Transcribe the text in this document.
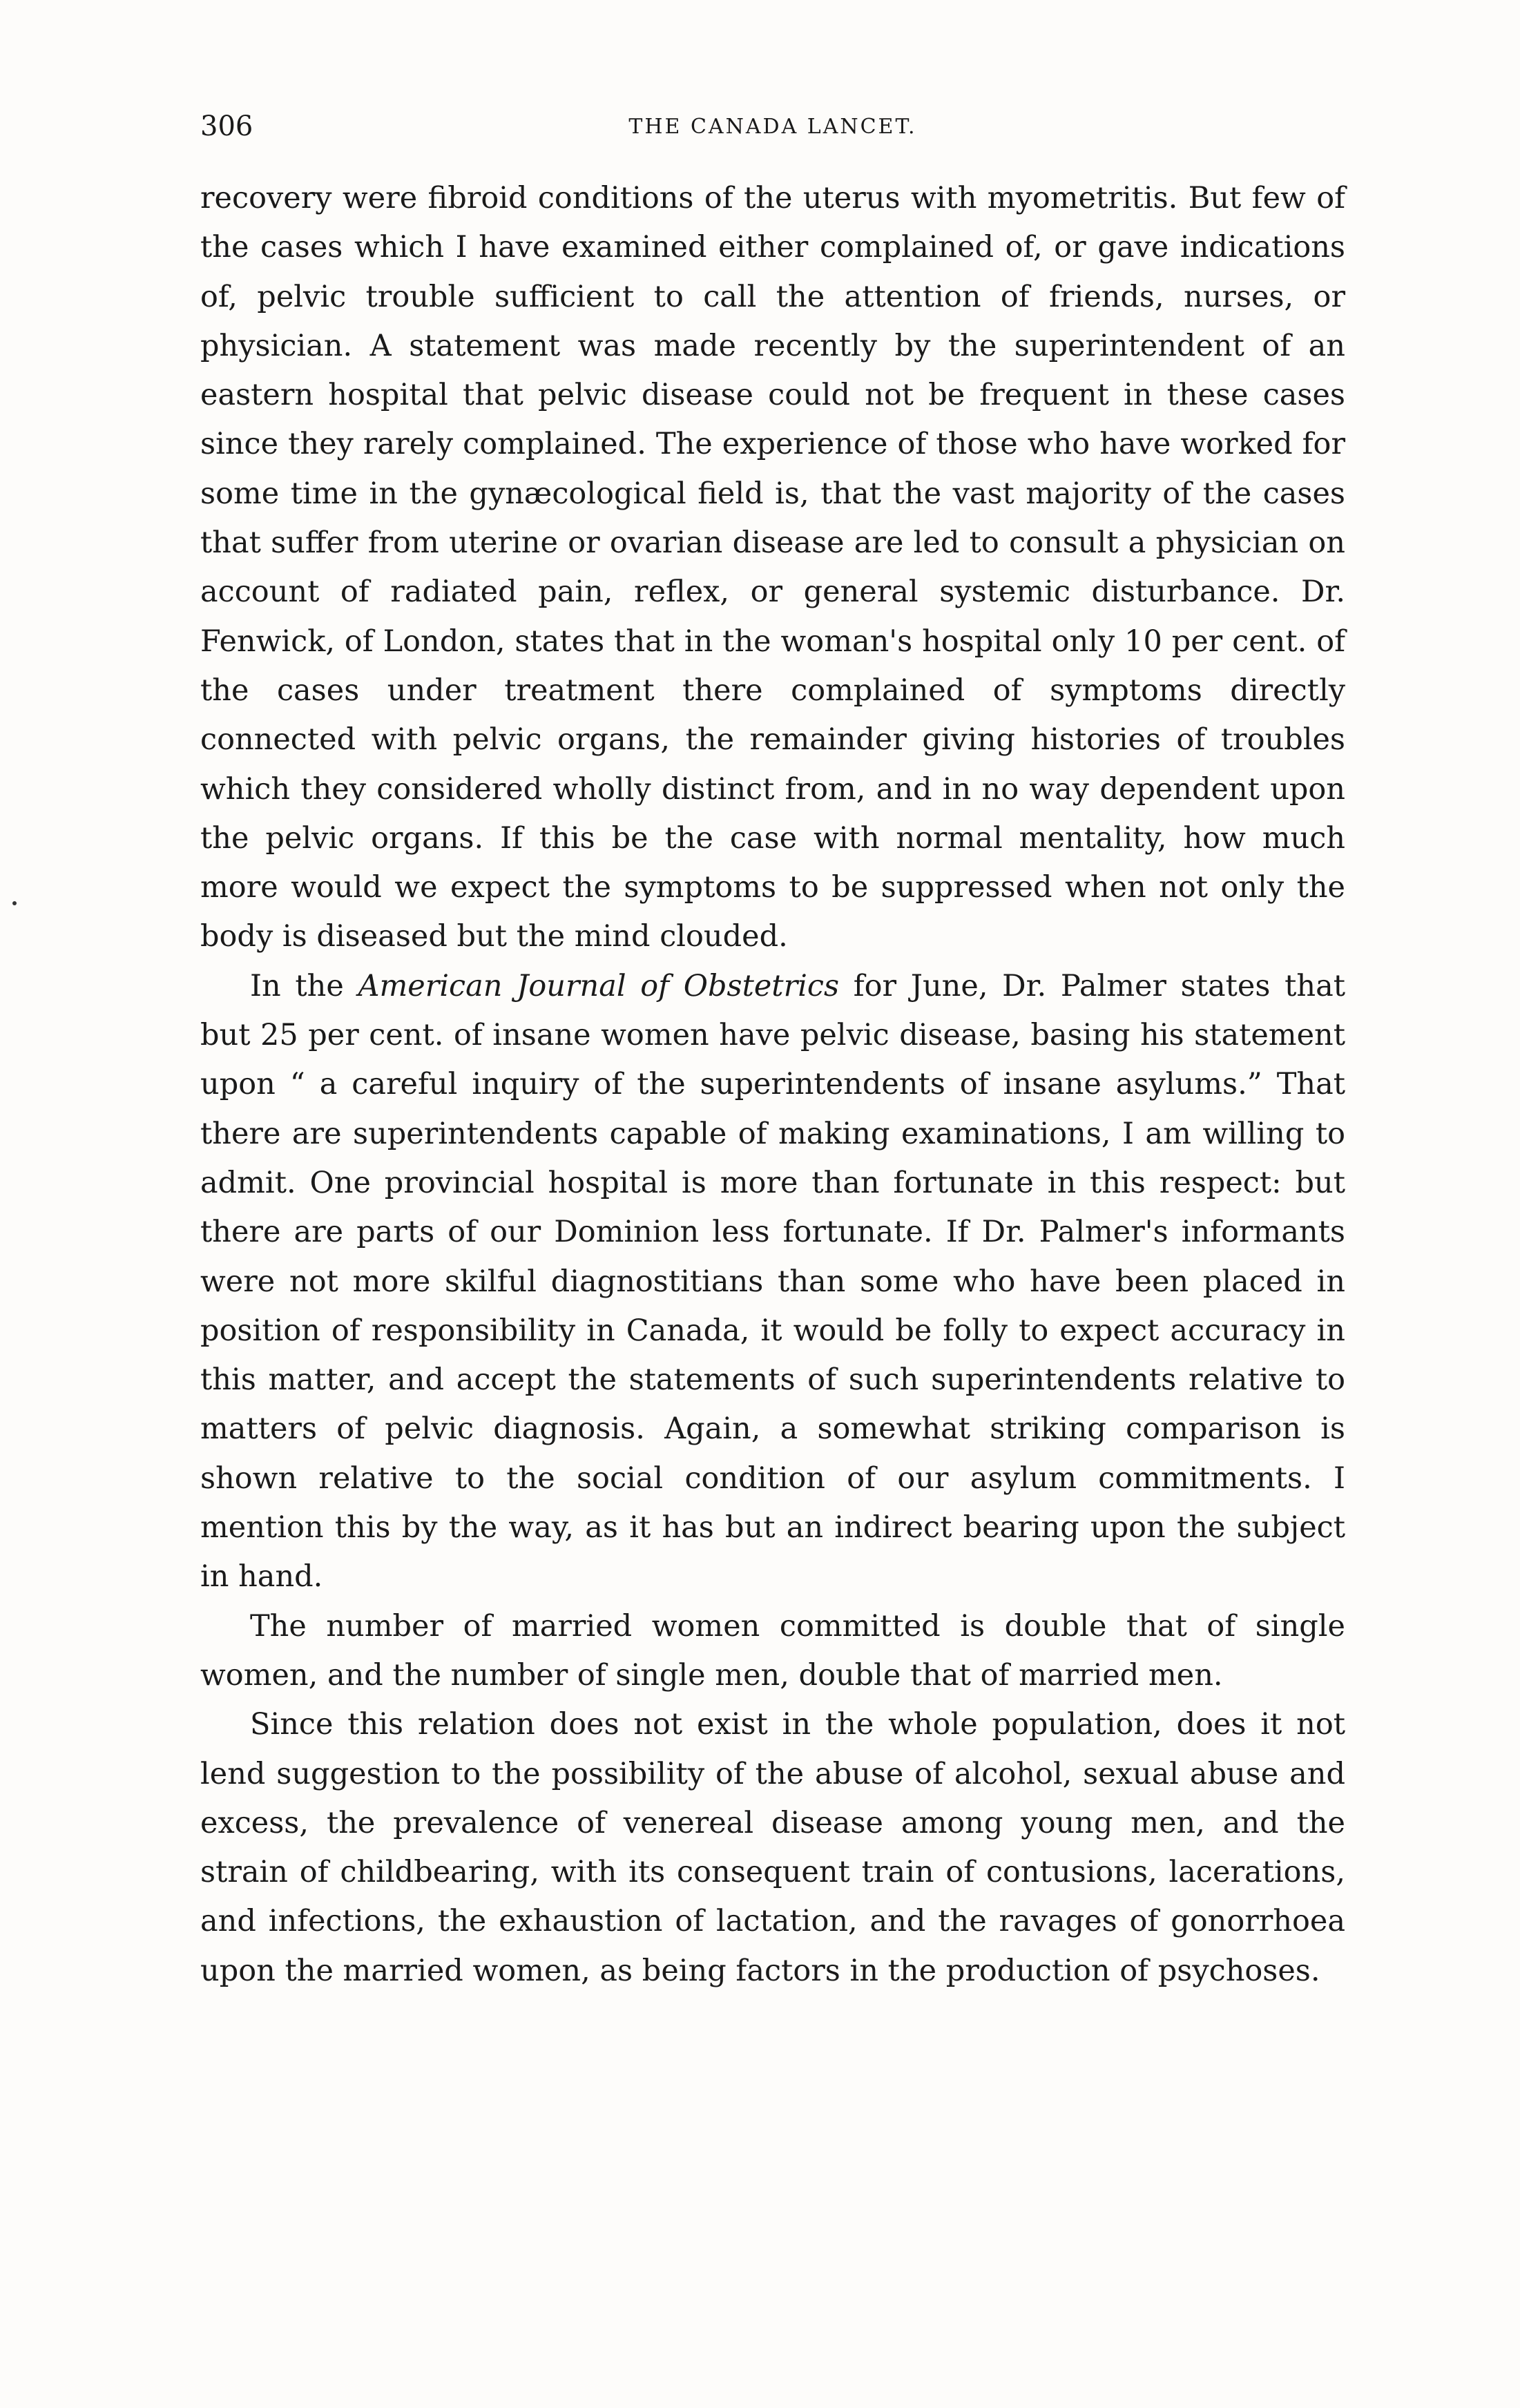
306	THE CANADA LANCET.

recovery were fibroid conditions of the uterus with myometritis. But few of the cases which I have examined either complained of, or gave indications of, pelvic trouble sufficient to call the attention of friends, nurses, or physician. A statement was made recently by the superintendent of an eastern hospital that pelvic disease could not be frequent in these cases since they rarely complained. The experience of those who have worked for some time in the gynæcological field is, that the vast majority of the cases that suffer from uterine or ovarian disease are led to consult a physician on account of radiated pain, reflex, or general systemic disturbance. Dr. Fenwick, of London, states that in the woman's hospital only 10 per cent. of the cases under treatment there complained of symptoms directly connected with pelvic organs, the remainder giving histories of troubles which they considered wholly distinct from, and in no way dependent upon the pelvic organs. If this be the case with normal mentality, how much more would we expect the symptoms to be suppressed when not only the body is diseased but the mind clouded.

In the American Journal of Obstetrics for June, Dr. Palmer states that but 25 per cent. of insane women have pelvic disease, basing his statement upon “ a careful inquiry of the superintendents of insane asylums.” That there are superintendents capable of making examinations, I am willing to admit. One provincial hospital is more than fortunate in this respect: but there are parts of our Dominion less fortunate. If Dr. Palmer's informants were not more skilful diagnostitians than some who have been placed in position of responsibility in Canada, it would be folly to expect accuracy in this matter, and accept the statements of such superintendents relative to matters of pelvic diagnosis. Again, a somewhat striking comparison is shown relative to the social condition of our asylum commitments. I mention this by the way, as it has but an indirect bearing upon the subject in hand.

The number of married women committed is double that of single women, and the number of single men, double that of married men.

Since this relation does not exist in the whole population, does it not lend suggestion to the possibility of the abuse of alcohol, sexual abuse and excess, the prevalence of venereal disease among young men, and the strain of childbearing, with its consequent train of contusions, lacerations, and infections, the exhaustion of lactation, and the ravages of gonorrhoea upon the married women, as being factors in the production of psychoses.
